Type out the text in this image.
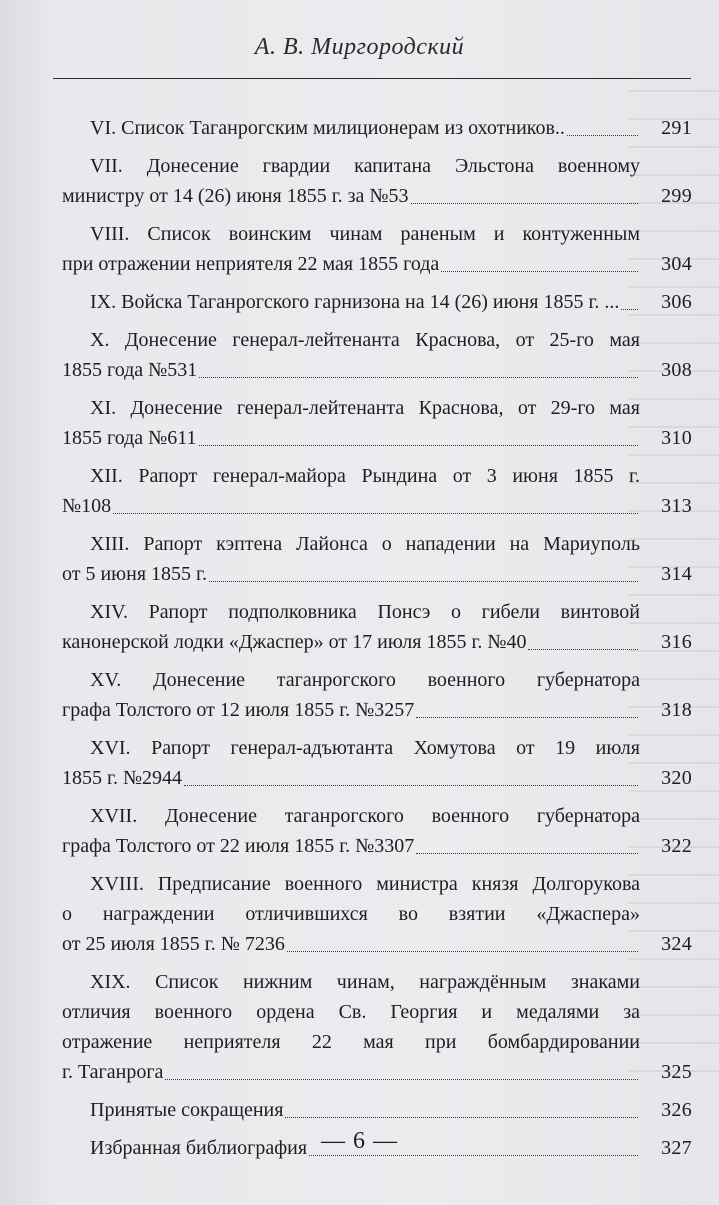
А. В. Миргородский
VI. Список Таганрогским милиционерам из охотников..	291
VII. Донесение гвардии капитана Эльстона военному
министру от 14 (26) июня 1855 г. за №53	299
VIII. Список воинским чинам раненым и контуженным
при отражении неприятеля 22 мая 1855 года	304
IX. Войска Таганрогского гарнизона на 14 (26) июня 1855 г. ...	306
X. Донесение генерал-лейтенанта Краснова, от 25-го мая
1855 года №531	308
XI. Донесение генерал-лейтенанта Краснова, от 29-го мая
1855 года №611	310
XII. Рапорт генерал-майора Рындина от 3 июня 1855 г.
№108	313
XIII. Рапорт кэптена Лайонса о нападении на Мариуполь
от 5 июня 1855 г.	314
XIV. Рапорт подполковника Понсэ о гибели винтовой
канонерской лодки «Джаспер» от 17 июля 1855 г. №40	316
XV. Донесение таганрогского военного губернатора
графа Толстого от 12 июля 1855 г. №3257	318
XVI. Рапорт генерал-адъютанта Хомутова от 19 июля
1855 г. №2944	320
XVII. Донесение таганрогского военного губернатора
графа Толстого от 22 июля 1855 г. №3307	322
XVIII. Предписание военного министра князя Долгорукова
о награждении отличившихся во взятии «Джаспера»
от 25 июля 1855 г. № 7236	324
XIX. Список нижним чинам, награждённым знаками
отличия военного ордена Св. Георгия и медалями за
отражение неприятеля 22 мая при бомбардировании
г. Таганрога	325
Принятые сокращения	326
Избранная библиография	327
— 6 —
